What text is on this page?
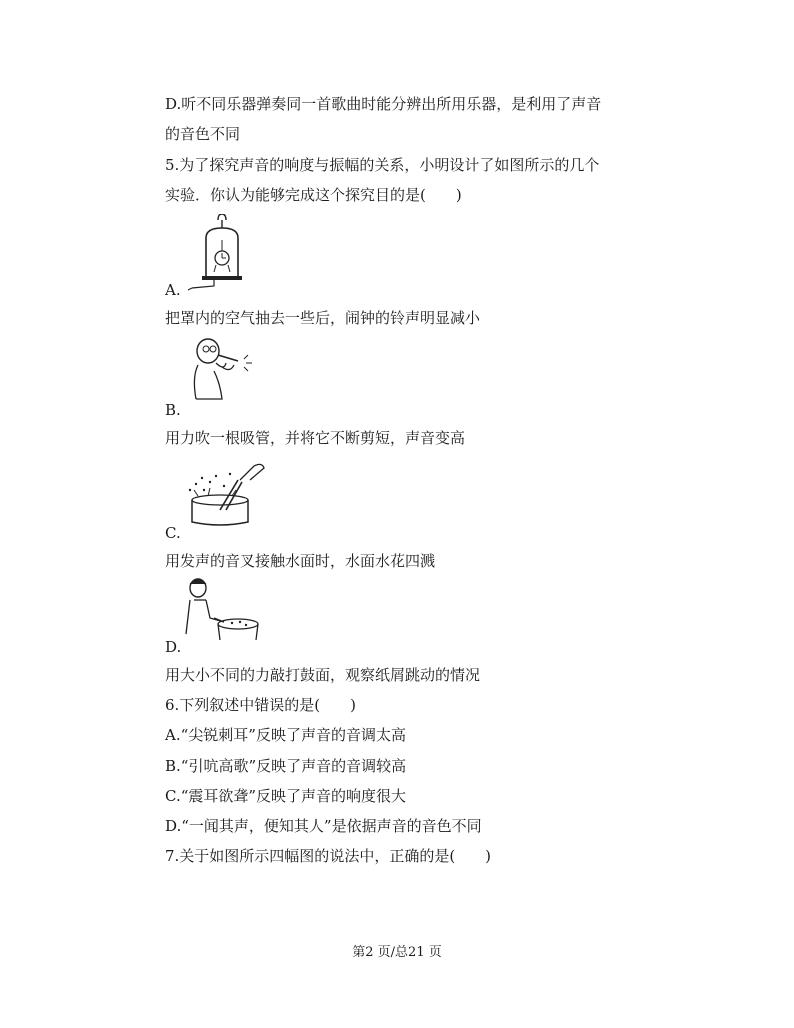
D.听不同乐器弹奏同一首歌曲时能分辨出所用乐器，是利用了声音
的音色不同
5.为了探究声音的响度与振幅的关系，小明设计了如图所示的几个
实验．你认为能够完成这个探究目的是(　　)
A.
把罩内的空气抽去一些后，闹钟的铃声明显减小
B.
用力吹一根吸管，并将它不断剪短，声音变高
C.
用发声的音叉接触水面时，水面水花四溅
D.
用大小不同的力敲打鼓面，观察纸屑跳动的情况
6.下列叙述中错误的是(　　)
A.“尖锐刺耳”反映了声音的音调太高
B.“引吭高歌”反映了声音的音调较高
C.“震耳欲聋”反映了声音的响度很大
D.“一闻其声，便知其人”是依据声音的音色不同
7.关于如图所示四幅图的说法中，正确的是(　　)
第2 页/总21 页
